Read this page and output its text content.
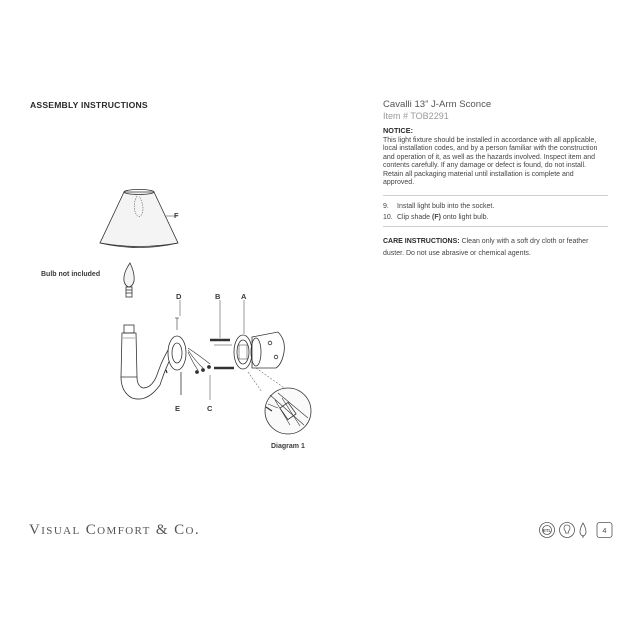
ASSEMBLY INSTRUCTIONS	Cavalli 13” J-Arm Sconce
Item # TOB2291
NOTICE:
This light fixture should be installed in accordance with all applicable, local installation codes, and by a person familiar with the construction and operation of it, as well as the hazards involved. Inspect item and contents carefully. If any damage or defect is found, do not install. Retain all packaging material until installation is complete and approved.
9. Install light bulb into the socket.
10. Clip shade (F) onto light bulb.
CARE INSTRUCTIONS: Clean only with a soft dry cloth or feather duster. Do not use abrasive or chemical agents.
F
Bulb not included
D	B	A
E	C
Diagram 1
Visual Comfort & Co.	ETL	4
